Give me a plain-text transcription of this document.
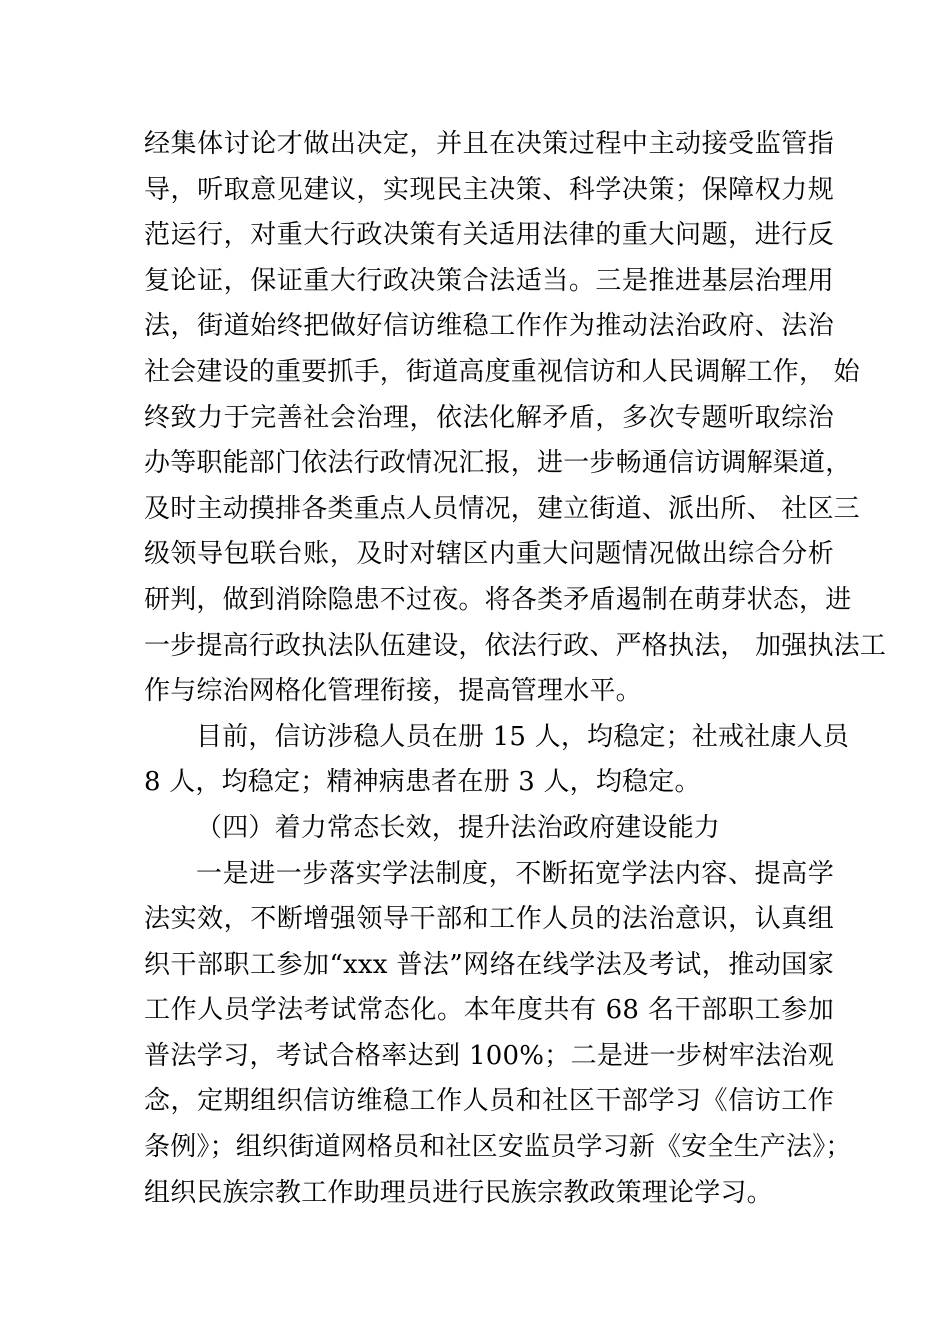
经集体讨论才做出决定，并且在决策过程中主动接受监管指
导，听取意见建议，实现民主决策、科学决策；保障权力规
范运行，对重大行政决策有关适用法律的重大问题，进行反
复论证，保证重大行政决策合法适当。三是推进基层治理用
法，街道始终把做好信访维稳工作作为推动法治政府、法治
社会建设的重要抓手，街道高度重视信访和人民调解工作， 始
终致力于完善社会治理，依法化解矛盾，多次专题听取综治
办等职能部门依法行政情况汇报，进一步畅通信访调解渠道，
及时主动摸排各类重点人员情况，建立街道、派出所、 社区三
级领导包联台账，及时对辖区内重大问题情况做出综合分析
研判，做到消除隐患不过夜。将各类矛盾遏制在萌芽状态，进
一步提高行政执法队伍建设，依法行政、严格执法， 加强执法工
作与综治网格化管理衔接，提高管理水平。
目前，信访涉稳人员在册 15 人，均稳定；社戒社康人员
8 人，均稳定；精神病患者在册 3 人，均稳定。
（四）着力常态长效，提升法治政府建设能力
一是进一步落实学法制度，不断拓宽学法内容、提高学
法实效，不断增强领导干部和工作人员的法治意识，认真组
织干部职工参加“xxx 普法”网络在线学法及考试，推动国家
工作人员学法考试常态化。本年度共有 68 名干部职工参加
普法学习，考试合格率达到 100%；二是进一步树牢法治观
念，定期组织信访维稳工作人员和社区干部学习《信访工作
条例》；组织街道网格员和社区安监员学习新《安全生产法》；
组织民族宗教工作助理员进行民族宗教政策理论学习。
